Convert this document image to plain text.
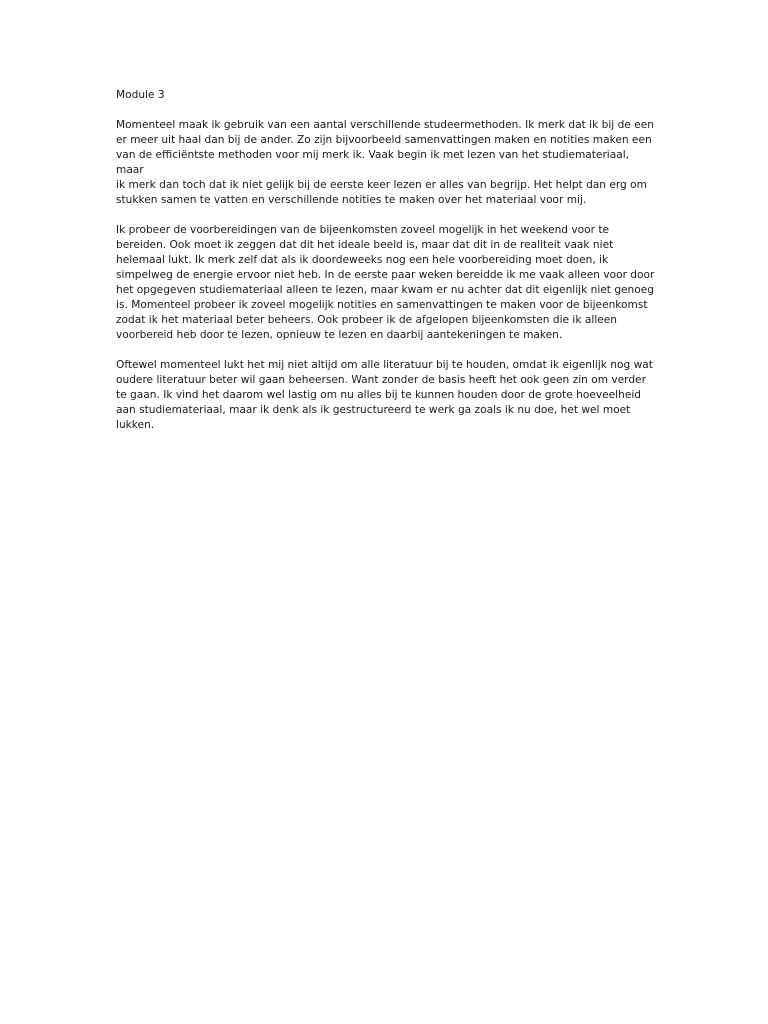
Module 3

Momenteel maak ik gebruik van een aantal verschillende studeermethoden. Ik merk dat ik bij de een
er meer uit haal dan bij de ander. Zo zijn bijvoorbeeld samenvattingen maken en notities maken een
van de efficiëntste methoden voor mij merk ik. Vaak begin ik met lezen van het studiemateriaal, maar
ik merk dan toch dat ik niet gelijk bij de eerste keer lezen er alles van begrijp. Het helpt dan erg om
stukken samen te vatten en verschillende notities te maken over het materiaal voor mij.

Ik probeer de voorbereidingen van de bijeenkomsten zoveel mogelijk in het weekend voor te
bereiden. Ook moet ik zeggen dat dit het ideale beeld is, maar dat dit in de realiteit vaak niet
helemaal lukt. Ik merk zelf dat als ik doordeweeks nog een hele voorbereiding moet doen, ik
simpelweg de energie ervoor niet heb. In de eerste paar weken bereidde ik me vaak alleen voor door
het opgegeven studiemateriaal alleen te lezen, maar kwam er nu achter dat dit eigenlijk niet genoeg
is. Momenteel probeer ik zoveel mogelijk notities en samenvattingen te maken voor de bijeenkomst
zodat ik het materiaal beter beheers. Ook probeer ik de afgelopen bijeenkomsten die ik alleen
voorbereid heb door te lezen, opnieuw te lezen en daarbij aantekeningen te maken.

Oftewel momenteel lukt het mij niet altijd om alle literatuur bij te houden, omdat ik eigenlijk nog wat
oudere literatuur beter wil gaan beheersen. Want zonder de basis heeft het ook geen zin om verder
te gaan. Ik vind het daarom wel lastig om nu alles bij te kunnen houden door de grote hoeveelheid
aan studiemateriaal, maar ik denk als ik gestructureerd te werk ga zoals ik nu doe, het wel moet
lukken.
